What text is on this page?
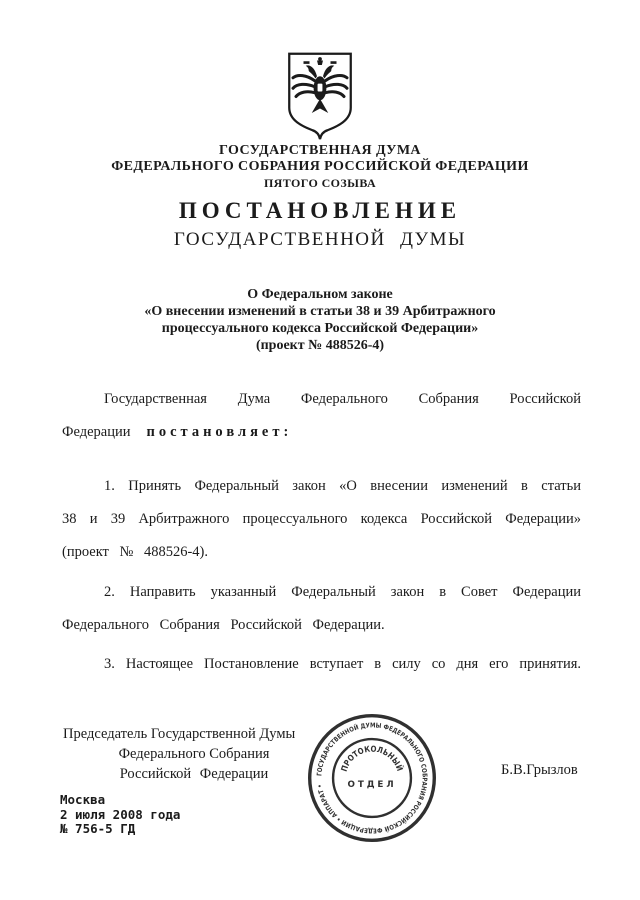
ГОСУДАРСТВЕННАЯ ДУМА
ФЕДЕРАЛЬНОГО СОБРАНИЯ РОССИЙСКОЙ ФЕДЕРАЦИИ
ПЯТОГО СОЗЫВА
ПОСТАНОВЛЕНИЕ
ГОСУДАРСТВЕННОЙ ДУМЫ
О Федеральном законе
«О внесении изменений в статьи 38 и 39 Арбитражного
процессуального кодекса Российской Федерации»
(проект № 488526-4)
Государственная Дума Федерального Собрания Российской
Федерации постановляет:
1. Принять Федеральный закон «О внесении изменений в статьи
38 и 39 Арбитражного процессуального кодекса Российской Федерации»
(проект № 488526-4).
2. Направить указанный Федеральный закон в Совет Федерации
Федерального Собрания Российской Федерации.
3. Настоящее Постановление вступает в силу со дня его принятия.
Председатель Государственной Думы
Федерального Собрания
Российской Федерации	Б.В.Грызлов
ГОСУДАРСТВЕННОЙ ДУМЫ ФЕДЕРАЛЬНОГО СОБРАНИЯ РОССИЙСКОЙ ФЕДЕРАЦИИ • АППАРАТ •
ПРОТОКОЛЬНЫЙ
ОТДЕЛ
Москва
2 июля 2008 года
№ 756-5 ГД
